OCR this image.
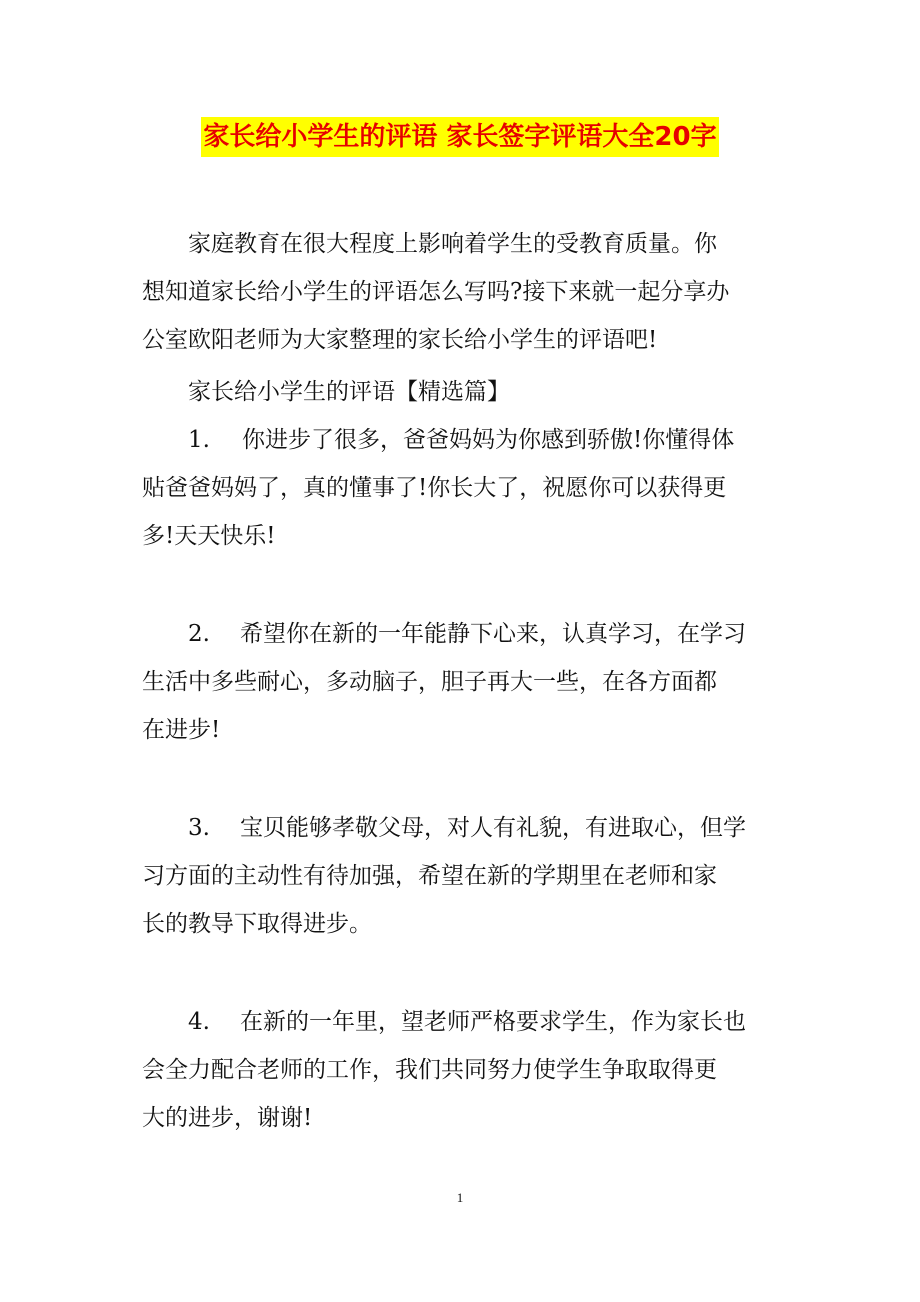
家长给小学生的评语 家长签字评语大全20字
家庭教育在很大程度上影响着学生的受教育质量。你
想知道家长给小学生的评语怎么写吗?接下来就一起分享办
公室欧阳老师为大家整理的家长给小学生的评语吧!
家长给小学生的评语【精选篇】
1. 你进步了很多，爸爸妈妈为你感到骄傲!你懂得体
贴爸爸妈妈了，真的懂事了!你长大了，祝愿你可以获得更
多!天天快乐!
2. 希望你在新的一年能静下心来，认真学习，在学习
生活中多些耐心，多动脑子，胆子再大一些，在各方面都
在进步!
3. 宝贝能够孝敬父母，对人有礼貌，有进取心，但学
习方面的主动性有待加强，希望在新的学期里在老师和家
长的教导下取得进步。
4. 在新的一年里，望老师严格要求学生，作为家长也
会全力配合老师的工作，我们共同努力使学生争取取得更
大的进步，谢谢!

1
